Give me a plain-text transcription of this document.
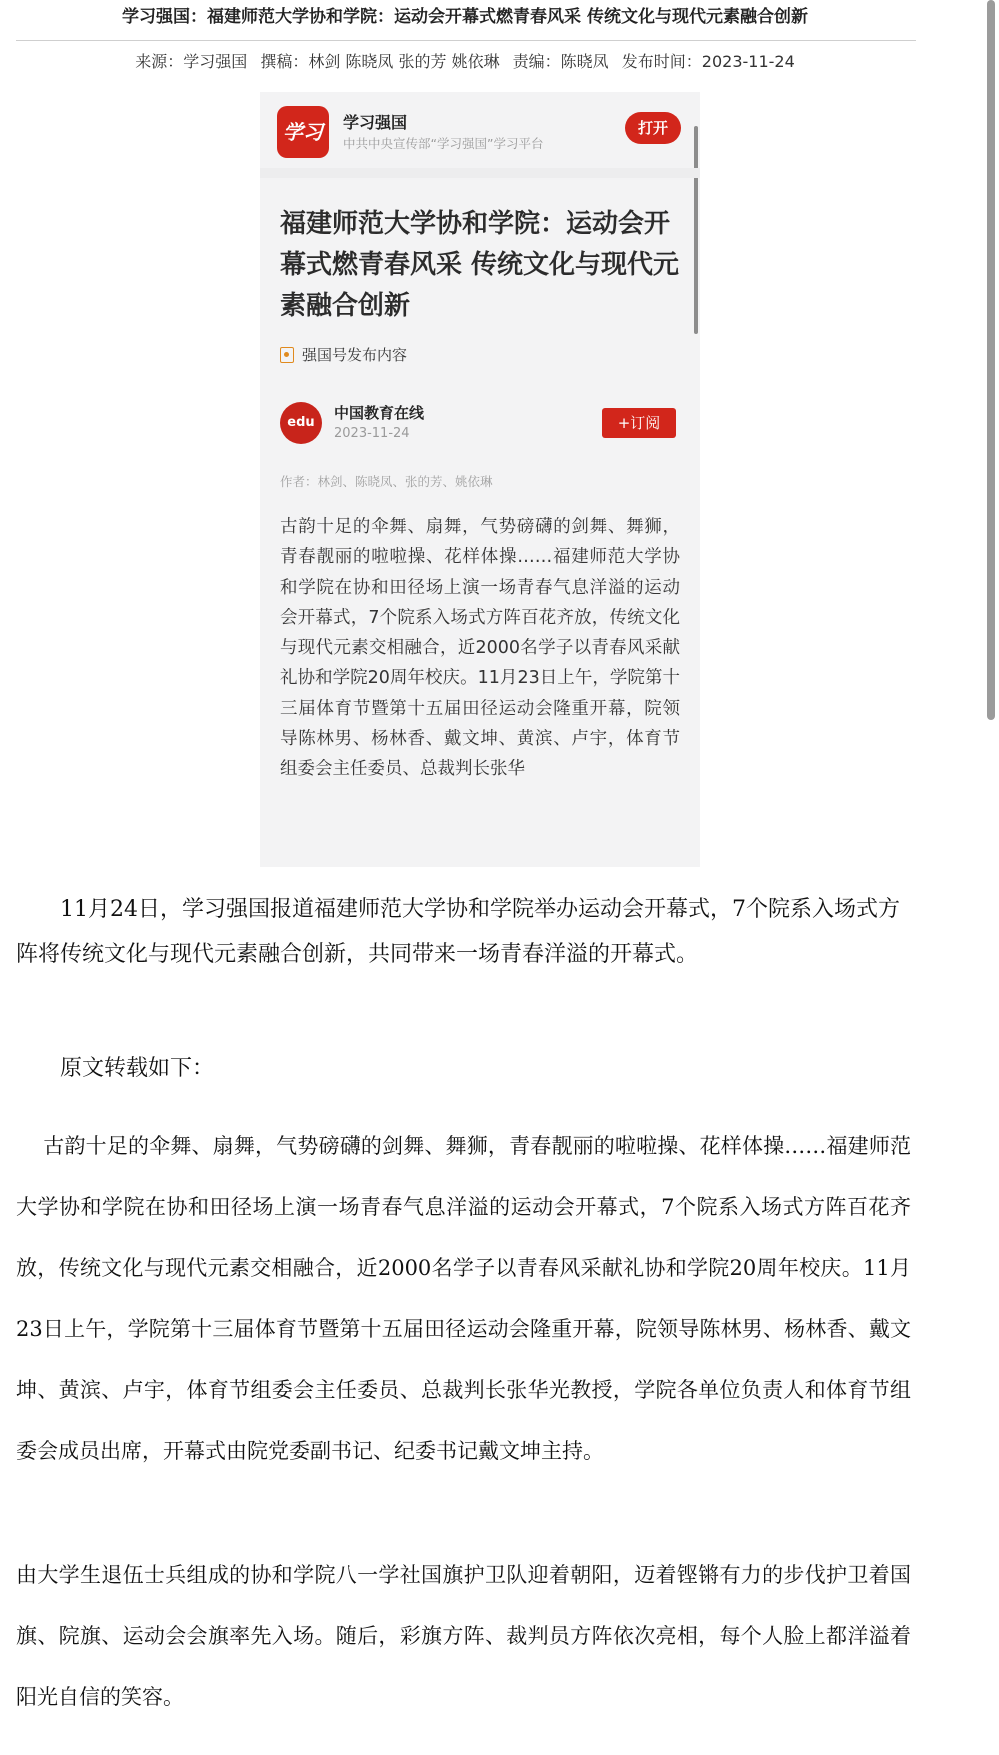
学习强国：福建师范大学协和学院：运动会开幕式燃青春风采 传统文化与现代元素融合创新
来源：学习强国 撰稿：林剑 陈晓凤 张的芳 姚依琳 责编：陈晓凤 发布时间：2023-11-24
学习	学习强国
中共中央宣传部“学习强国”学习平台
打开
福建师范大学协和学院：运动会开幕式燃青春风采 传统文化与现代元素融合创新
强国号发布内容
edu
中国教育在线
2023-11-24
+订阅
作者：林剑、陈晓凤、张的芳、姚依琳
古韵十足的伞舞、扇舞，气势磅礴的剑舞、舞狮，青春靓丽的啦啦操、花样体操……福建师范大学协和学院在协和田径场上演一场青春气息洋溢的运动会开幕式，7个院系入场式方阵百花齐放，传统文化与现代元素交相融合，近2000名学子以青春风采献礼协和学院20周年校庆。11月23日上午，学院第十三届体育节暨第十五届田径运动会隆重开幕，院领导陈林男、杨林香、戴文坤、黄滨、卢宇，体育节组委会主任委员、总裁判长张华
11月24日，学习强国报道福建师范大学协和学院举办运动会开幕式，7个院系入场式方阵将传统文化与现代元素融合创新，共同带来一场青春洋溢的开幕式。
原文转载如下：
古韵十足的伞舞、扇舞，气势磅礴的剑舞、舞狮，青春靓丽的啦啦操、花样体操……福建师范大学协和学院在协和田径场上演一场青春气息洋溢的运动会开幕式，7个院系入场式方阵百花齐放，传统文化与现代元素交相融合，近2000名学子以青春风采献礼协和学院20周年校庆。11月23日上午，学院第十三届体育节暨第十五届田径运动会隆重开幕，院领导陈林男、杨林香、戴文坤、黄滨、卢宇，体育节组委会主任委员、总裁判长张华光教授，学院各单位负责人和体育节组委会成员出席，开幕式由院党委副书记、纪委书记戴文坤主持。
由大学生退伍士兵组成的协和学院八一学社国旗护卫队迎着朝阳，迈着铿锵有力的步伐护卫着国旗、院旗、运动会会旗率先入场。随后，彩旗方阵、裁判员方阵依次亮相，每个人脸上都洋溢着阳光自信的笑容。
